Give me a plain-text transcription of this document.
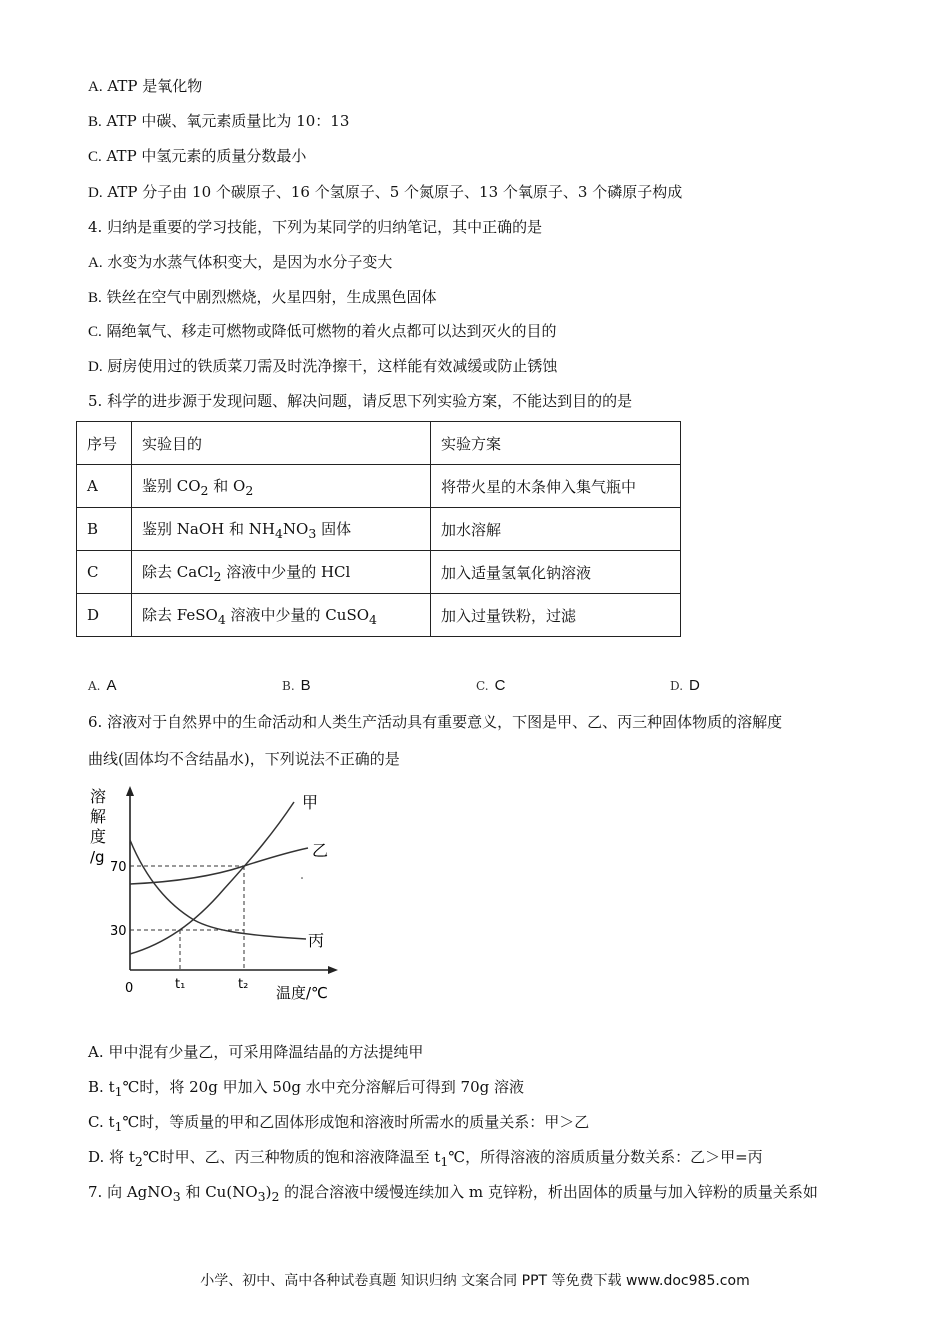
A. ATP 是氧化物
B. ATP 中碳、氧元素质量比为 10：13
C. ATP 中氢元素的质量分数最小
D. ATP 分子由 10 个碳原子、16 个氢原子、5 个氮原子、13 个氧原子、3 个磷原子构成
4. 归纳是重要的学习技能，下列为某同学的归纳笔记，其中正确的是
A. 水变为水蒸气体积变大，是因为水分子变大
B. 铁丝在空气中剧烈燃烧，火星四射，生成黑色固体
C. 隔绝氧气、移走可燃物或降低可燃物的着火点都可以达到灭火的目的
D. 厨房使用过的铁质菜刀需及时洗净擦干，这样能有效减缓或防止锈蚀
5. 科学的进步源于发现问题、解决问题，请反思下列实验方案，不能达到目的的是
序号	实验目的	实验方案
A	鉴别 $CO_2$ 和 $O_2$	将带火星的木条伸入集气瓶中
B	鉴别 NaOH 和 $NH_4NO_3$ 固体	加水溶解
C	除去 CaCl$_2$ 溶液中少量的 HCl	加入适量氢氧化钠溶液
D	除去 FeSO$_4$ 溶液中少量的 CuSO$_4$	加入过量铁粉，过滤
A. A	B. B	C. C	D. D
6. 溶液对于自然界中的生命活动和人类生产活动具有重要意义，下图是甲、乙、丙三种固体物质的溶解度
曲线(固体均不含结晶水)，下列说法不正确的是
溶
解
度
/g
甲
乙
丙
70
30
0	t₁	t₂ 温度/℃
A. 甲中混有少量乙，可采用降温结晶的方法提纯甲
B. $t_1℃$时，将 20g 甲加入 50g 水中充分溶解后可得到 70g 溶液
C. $t_1℃$时，等质量的甲和乙固体形成饱和溶液时所需水的质量关系：甲＞乙
D. 将 $t_2℃$时甲、乙、丙三种物质的饱和溶液降温至 $t_1℃$，所得溶液的溶质质量分数关系：乙＞甲=丙
7. 向 AgNO$_3$ 和 $Cu(NO_3)_2$ 的混合溶液中缓慢连续加入 m 克锌粉，析出固体的质量与加入锌粉的质量关系如
小学、初中、高中各种试卷真题 知识归纳 文案合同 PPT 等免费下载 www.doc985.com
